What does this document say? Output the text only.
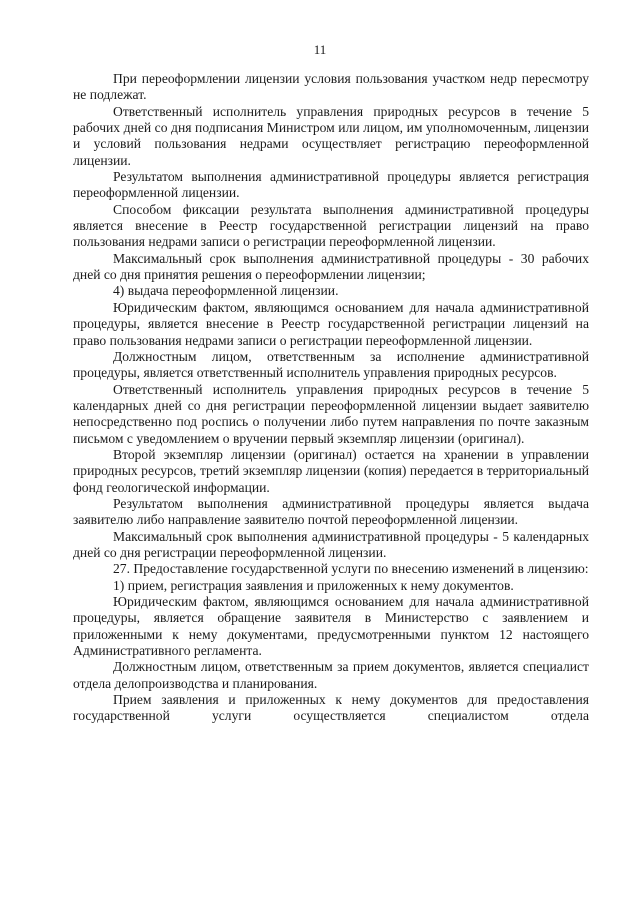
11

При переоформлении лицензии условия пользования участком недр пересмотру не подлежат.

Ответственный исполнитель управления природных ресурсов в течение 5 рабочих дней со дня подписания Министром или лицом, им уполномоченным, лицензии и условий пользования недрами осуществляет регистрацию переоформленной лицензии.

Результатом выполнения административной процедуры является регистрация переоформленной лицензии.

Способом фиксации результата выполнения административной процедуры является внесение в Реестр государственной регистрации лицензий на право пользования недрами записи о регистрации переоформленной лицензии.

Максимальный срок выполнения административной процедуры - 30 рабочих дней со дня принятия решения о переоформлении лицензии;

4) выдача переоформленной лицензии.

Юридическим фактом, являющимся основанием для начала административной процедуры, является внесение в Реестр государственной регистрации лицензий на право пользования недрами записи о регистрации переоформленной лицензии.

Должностным лицом, ответственным за исполнение административной процедуры, является ответственный исполнитель управления природных ресурсов.

Ответственный исполнитель управления природных ресурсов в течение 5 календарных дней со дня регистрации переоформленной лицензии выдает заявителю непосредственно под роспись о получении либо путем направления по почте заказным письмом с уведомлением о вручении первый экземпляр лицензии (оригинал).

Второй экземпляр лицензии (оригинал) остается на хранении в управлении природных ресурсов, третий экземпляр лицензии (копия) передается в территориальный фонд геологической информации.

Результатом выполнения административной процедуры является выдача заявителю либо направление заявителю почтой переоформленной лицензии.

Максимальный срок выполнения административной процедуры - 5 календарных дней со дня регистрации переоформленной лицензии.

27. Предоставление государственной услуги по внесению изменений в лицензию:

1) прием, регистрация заявления и приложенных к нему документов.

Юридическим фактом, являющимся основанием для начала административной процедуры, является обращение заявителя в Министерство с заявлением и приложенными к нему документами, предусмотренными пунктом 12 настоящего Административного регламента.

Должностным лицом, ответственным за прием документов, является специалист отдела делопроизводства и планирования.

Прием заявления и приложенных к нему документов для предоставления государственной услуги осуществляется специалистом отдела
